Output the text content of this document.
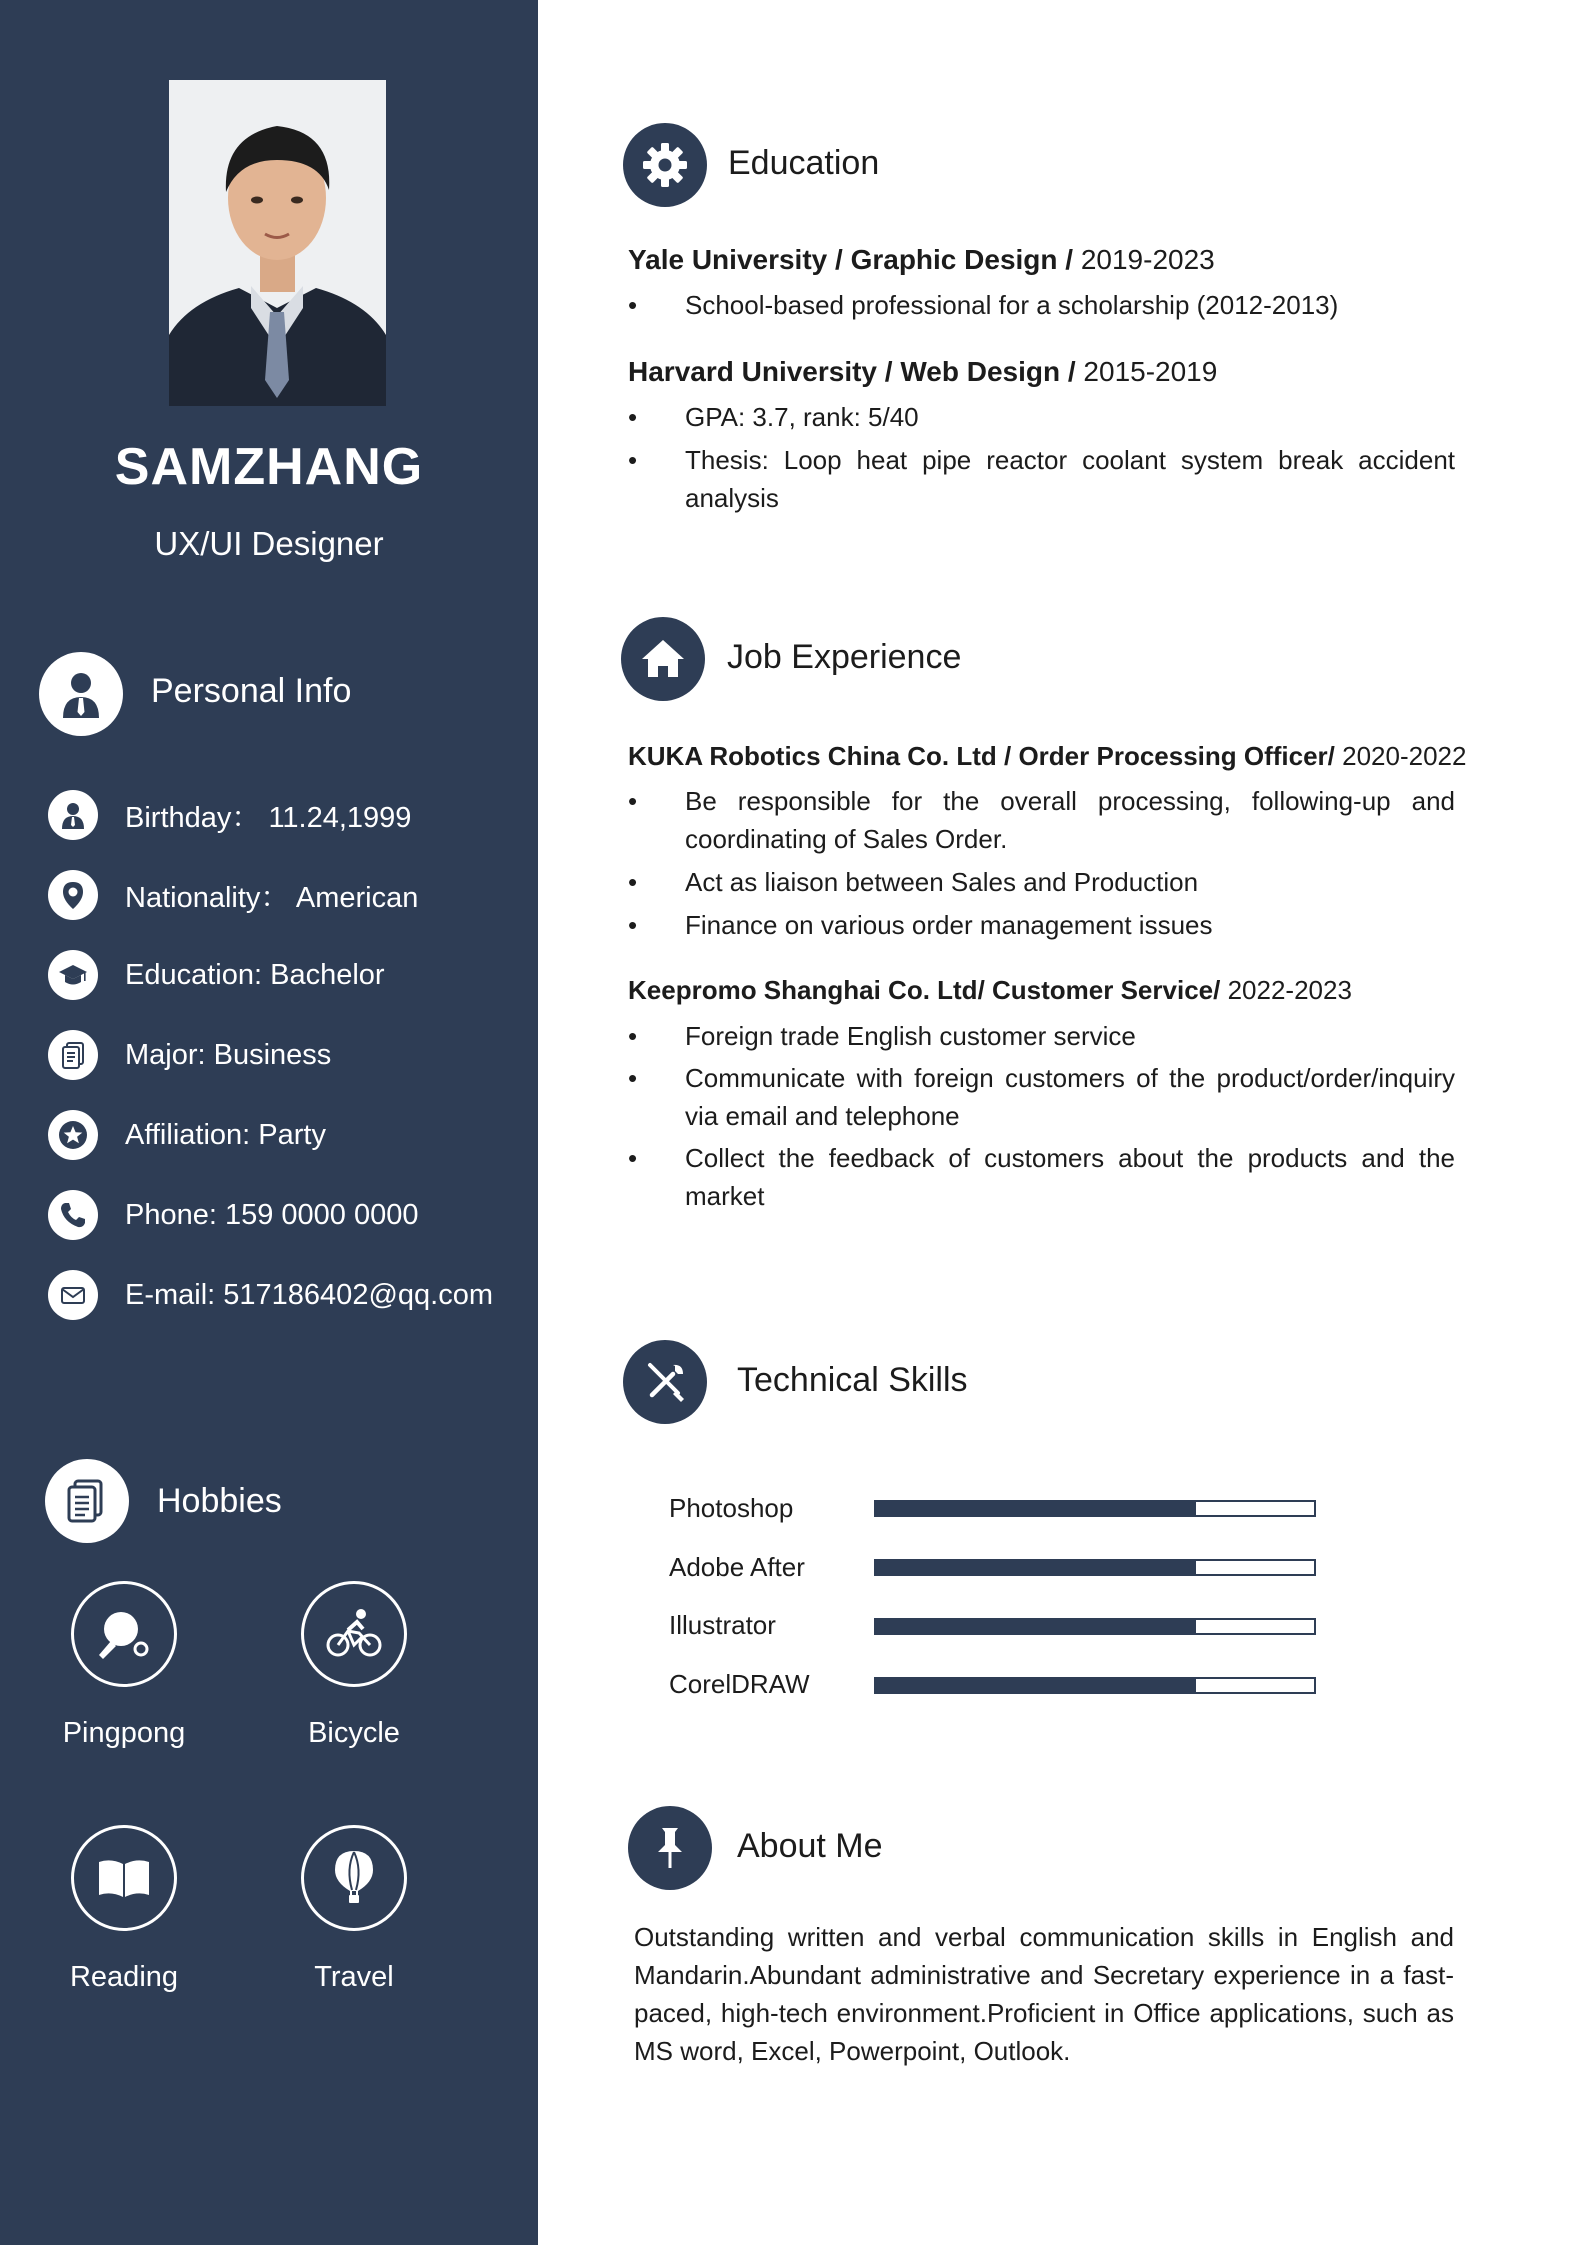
SAMZHANG
UX/UI Designer
Personal Info
Birthday： 11.24,1999
Nationality： American
Education: Bachelor
Major: Business
Affiliation: Party
Phone: 159 0000 0000
E-mail: 517186402@qq.com
Hobbies
Pingpong	Bicycle
Reading	Travel
Education
Yale University / Graphic Design / 2019-2023
• School-based professional for a scholarship (2012-2013)
Harvard University / Web Design / 2015-2019
• GPA: 3.7, rank: 5/40
• Thesis: Loop heat pipe reactor coolant system break accident analysis
Job Experience
KUKA Robotics China Co. Ltd / Order Processing Officer/ 2020-2022
• Be responsible for the overall processing, following-up and coordinating of Sales Order.
• Act as liaison between Sales and Production
• Finance on various order management issues
Keepromo Shanghai Co. Ltd/ Customer Service/ 2022-2023
• Foreign trade English customer service
• Communicate with foreign customers of the product/order/inquiry via email and telephone
• Collect the feedback of customers about the products and the market
Technical Skills
Photoshop
Adobe After
Illustrator
CorelDRAW
About Me
Outstanding written and verbal communication skills in English and Mandarin.Abundant administrative and Secretary experience in a fast-paced, high-tech environment.Proficient in Office applications, such as MS word, Excel, Powerpoint, Outlook.
